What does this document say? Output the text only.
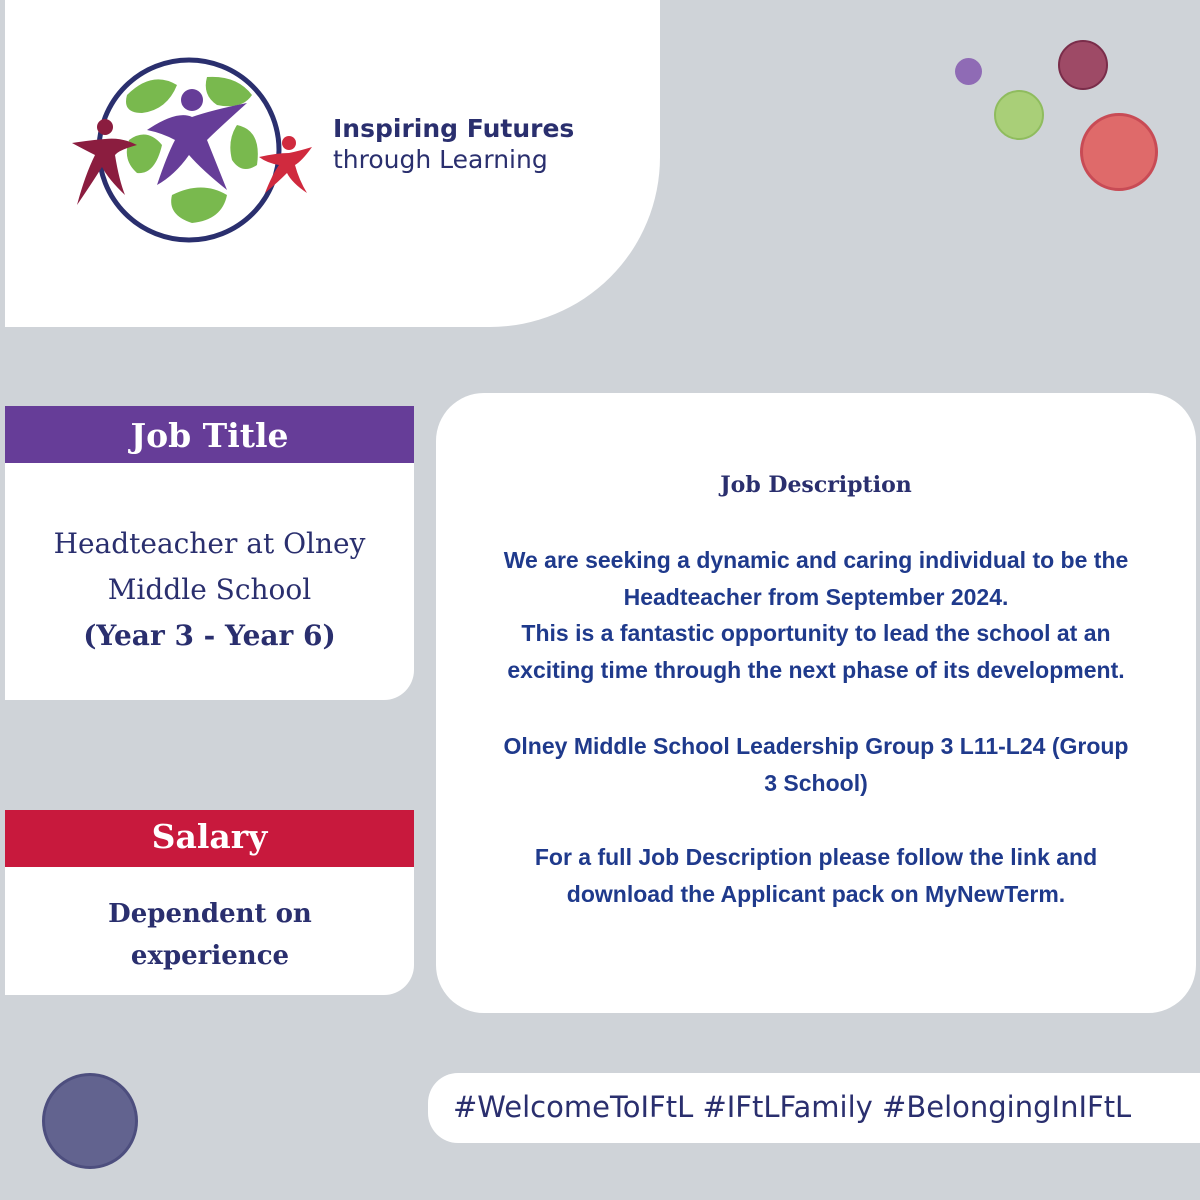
Inspiring Futures
through Learning
Job Title
Headteacher at Olney
Middle School
(Year 3 - Year 6)
Salary
Dependent on
experience
Job Description
We are seeking a dynamic and caring individual to be the
Headteacher from September 2024.
This is a fantastic opportunity to lead the school at an
exciting time through the next phase of its development.
Olney Middle School Leadership Group 3 L11-L24 (Group
3 School)
For a full Job Description please follow the link and
download the Applicant pack on MyNewTerm.
#WelcomeToIFtL #IFtLFamily #BelongingInIFtL
